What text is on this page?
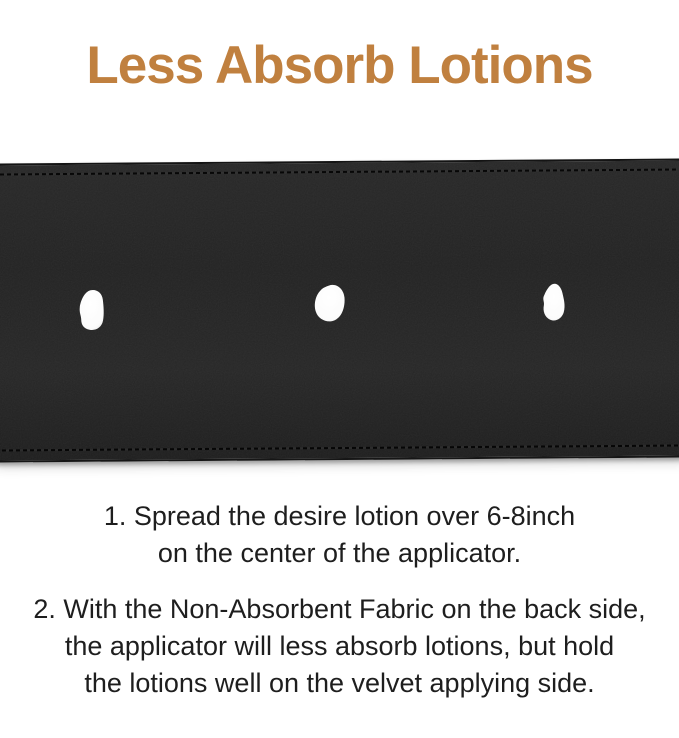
Less Absorb Lotions
1. Spread the desire lotion over 6-8inch
on the center of the applicator.
2. With the Non-Absorbent Fabric on the back side,
the applicator will less absorb lotions, but hold
the lotions well on the velvet applying side.
